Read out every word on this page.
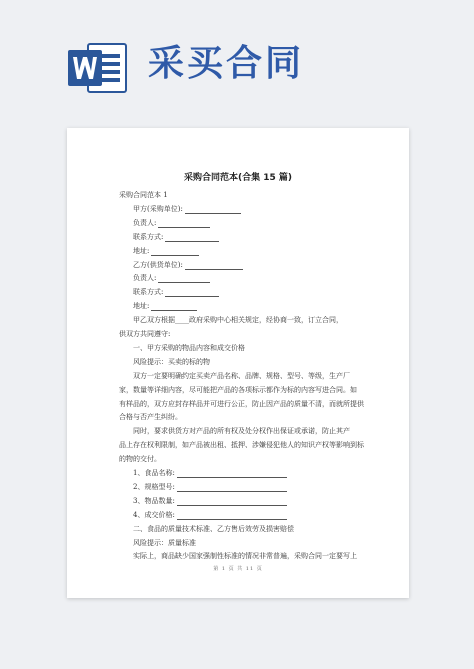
采买合同
采购合同范本(合集 15 篇)
采购合同范本 1
甲方(采购单位):
负责人:
联系方式:
地址:
乙方(供货单位):
负责人:
联系方式:
地址:
甲乙双方根据____政府采购中心相关规定，经协商一致，订立合同，
供双方共同遵守:
一、甲方采购的物品内容和成交价格
风险提示：买卖的标的物
双方一定要明确约定买卖产品名称、品牌、规格、型号、等级，生产厂
家，数量等详细内容，尽可能把产品的各项标示都作为标的内容写进合同。如
有样品的，双方应封存样品并可进行公正，防止因产品的质量不清，而就所提供
合格与否产生纠纷。
同时，要求供货方对产品的所有权及处分权作出保证或承诺，防止其产
品上存在权利限制，如产品被出租、抵押、涉嫌侵犯他人的知识产权等影响到标
的物的交付。
1、食品名称:
2、规格型号:
3、物品数量:
4、成交价格:
二、食品的质量技术标准、乙方售后效劳及损害赔偿
风险提示：质量标准
实际上，商品缺少国家强制性标准的情况非常普遍，采购合同一定要写上
第 1 页 共 11 页
